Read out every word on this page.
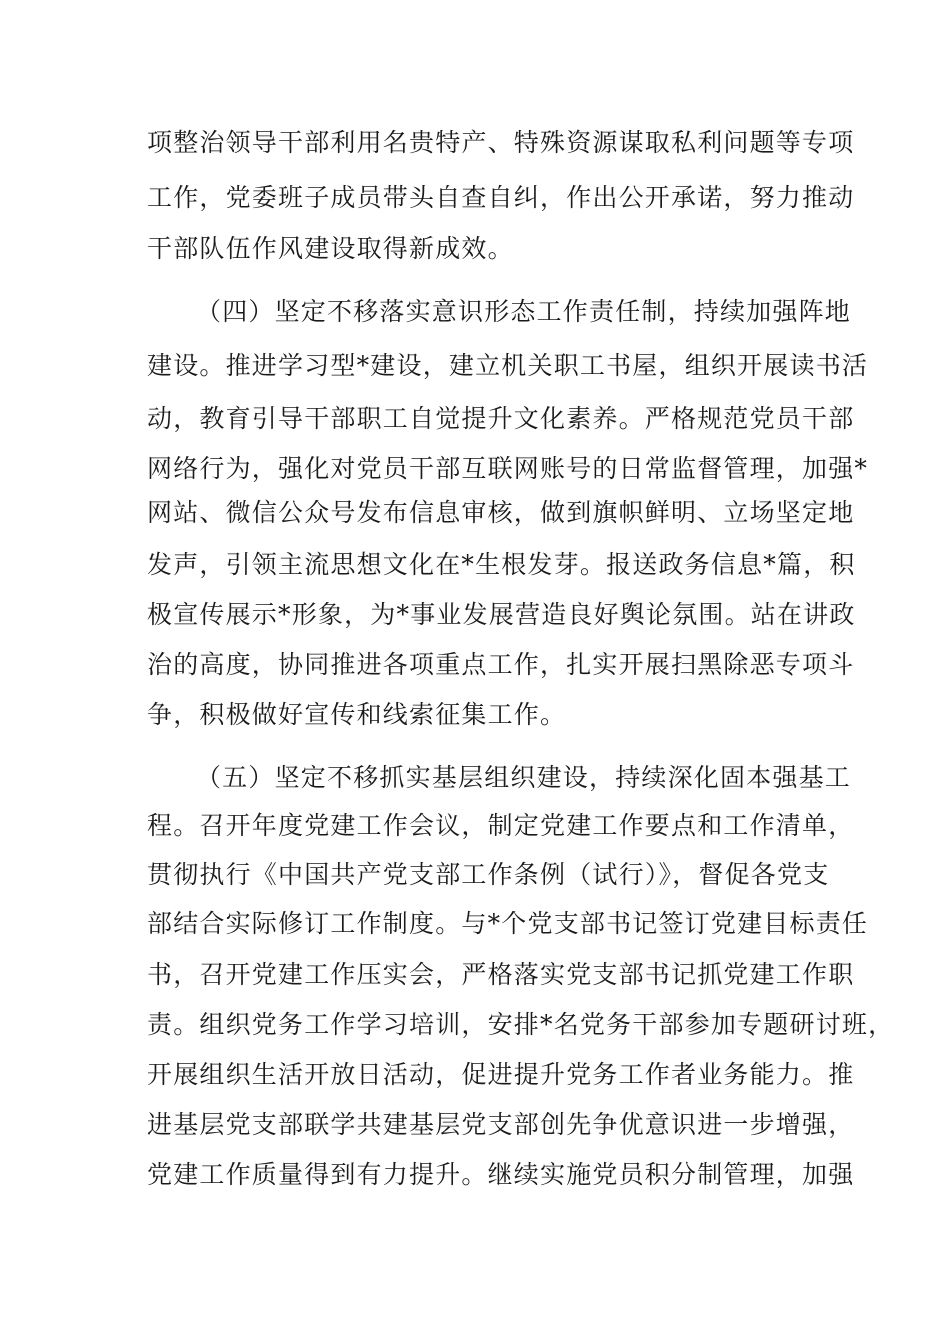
项整治领导干部利用名贵特产、特殊资源谋取私利问题等专项
工作，党委班子成员带头自查自纠，作出公开承诺，努力推动
干部队伍作风建设取得新成效。
（四）坚定不移落实意识形态工作责任制，持续加强阵地
建设。推进学习型*建设，建立机关职工书屋，组织开展读书活
动，教育引导干部职工自觉提升文化素养。严格规范党员干部
网络行为，强化对党员干部互联网账号的日常监督管理，加强*
网站、微信公众号发布信息审核，做到旗帜鲜明、立场坚定地
发声，引领主流思想文化在*生根发芽。报送政务信息*篇，积
极宣传展示*形象，为*事业发展营造良好舆论氛围。站在讲政
治的高度，协同推进各项重点工作，扎实开展扫黑除恶专项斗
争，积极做好宣传和线索征集工作。
（五）坚定不移抓实基层组织建设，持续深化固本强基工
程。召开年度党建工作会议，制定党建工作要点和工作清单，
贯彻执行《中国共产党支部工作条例（试行）》，督促各党支
部结合实际修订工作制度。与*个党支部书记签订党建目标责任
书，召开党建工作压实会，严格落实党支部书记抓党建工作职
责。组织党务工作学习培训，安排*名党务干部参加专题研讨班，
开展组织生活开放日活动，促进提升党务工作者业务能力。推
进基层党支部联学共建基层党支部创先争优意识进一步增强，
党建工作质量得到有力提升。继续实施党员积分制管理，加强
